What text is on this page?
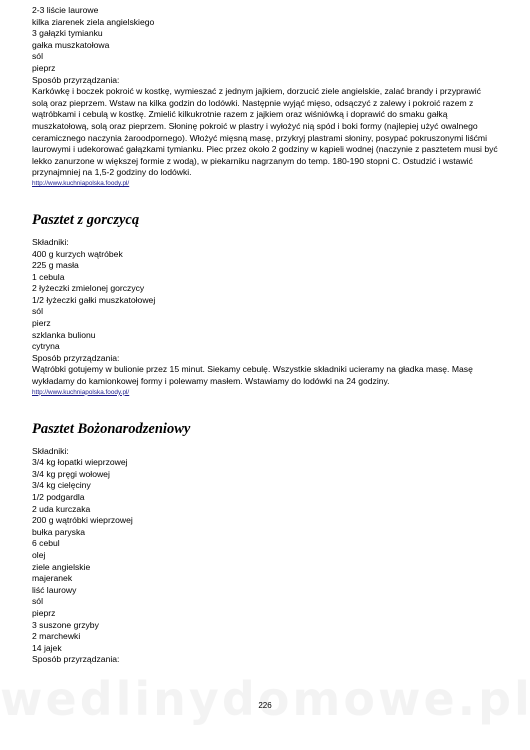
2-3 liście laurowe
kilka ziarenek ziela angielskiego
3 gałązki tymianku
gałka muszkatołowa
sól
pieprz
Sposób przyrządzania:

Karkówkę i boczek pokroić w kostkę, wymieszać z jednym jajkiem, dorzucić ziele angielskie, zalać brandy i przyprawić solą oraz pieprzem. Wstaw na kilka godzin do lodówki. Następnie wyjąć mięso, odsączyć z zalewy i pokroić razem z wątróbkami i cebulą w kostkę. Zmielić kilkukrotnie razem z jajkiem oraz wiśniówką i doprawić do smaku gałką muszkatołową, solą oraz pieprzem. Słoninę pokroić w plastry i wyłożyć nią spód i boki formy (najlepiej użyć owalnego ceramicznego naczynia żaroodpornego). Włożyć mięsną masę, przykryj plastrami słoniny, posypać pokruszonymi liśćmi laurowymi i udekorować gałązkami tymianku. Piec przez około 2 godziny w kąpieli wodnej (naczynie z pasztetem musi być lekko zanurzone w większej formie z wodą), w piekarniku nagrzanym do temp. 180-190 stopni C. Ostudzić i wstawić przynajmniej na 1,5-2 godziny do lodówki.

http://www.kuchniapolska.foody.pl/
Pasztet z gorczycą
Składniki:
400 g kurzych wątróbek
225 g masła
1 cebula
2 łyżeczki zmielonej gorczycy
1/2 łyżeczki gałki muszkatołowej
sól
pierz
szklanka bulionu
cytryna
Sposób przyrządzania:

Wątróbki gotujemy w bulionie przez 15 minut. Siekamy cebulę. Wszystkie składniki ucieramy na gładka masę. Masę wykładamy do kamionkowej formy i polewamy masłem. Wstawiamy do lodówki na 24 godziny.

http://www.kuchniapolska.foody.pl/
Pasztet Bożonarodzeniowy
Składniki:
3/4 kg łopatki wieprzowej
3/4 kg pręgi wołowej
3/4 kg cielęciny
1/2 podgardla
2 uda kurczaka
200 g wątróbki wieprzowej
bułka paryska
6 cebul
olej
ziele angielskie
majeranek
liść laurowy
sól
pieprz
3 suszone grzyby
2 marchewki
14 jajek
Sposób przyrządzania:
226
